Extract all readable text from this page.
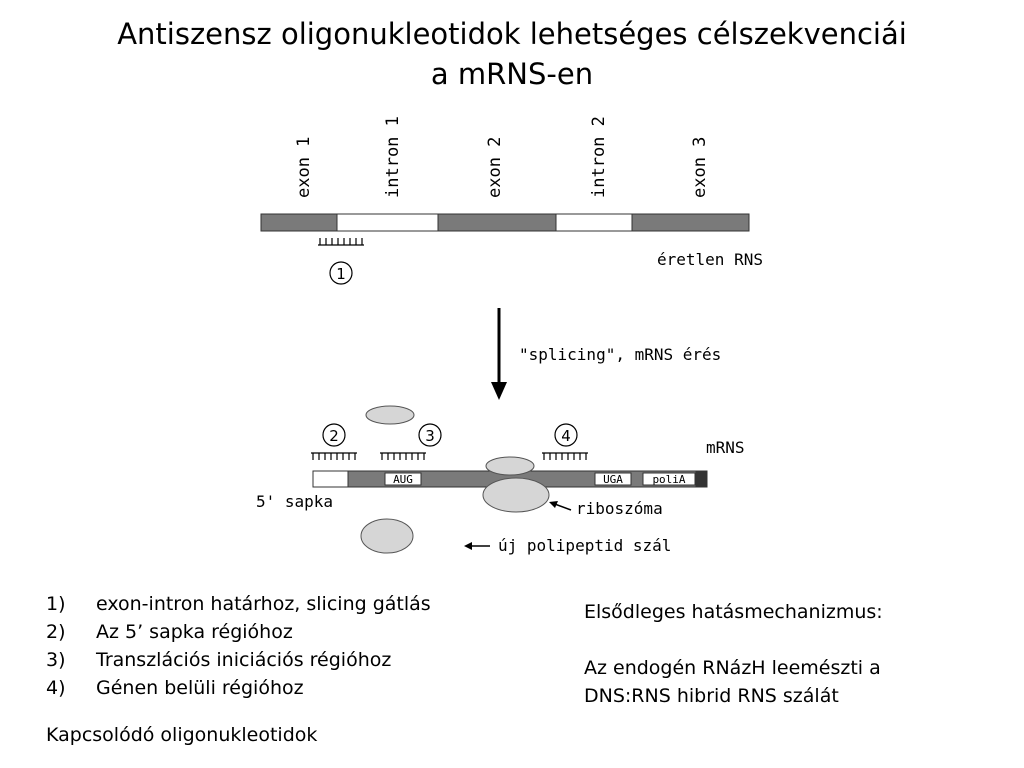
Antiszensz oligonukleotidok lehetséges célszekvenciái
a mRNS-en
exon 1	intron 1	exon 2	intron 2	exon 3
1
éretlen RNS
"splicing", mRNS érés
2	3	4
mRNS
AUG	UGA	poliA
riboszóma
5' sapka
új polipeptid szál
1)	exon-intron határhoz, slicing gátlás
2)	Az 5’ sapka régióhoz
3)	Transzlációs iniciációs régióhoz
4)	Génen belüli régióhoz
Kapcsolódó oligonukleotidok
Elsődleges hatásmechanizmus:
Az endogén RNázH leemészti a
DNS:RNS hibrid RNS szálát
